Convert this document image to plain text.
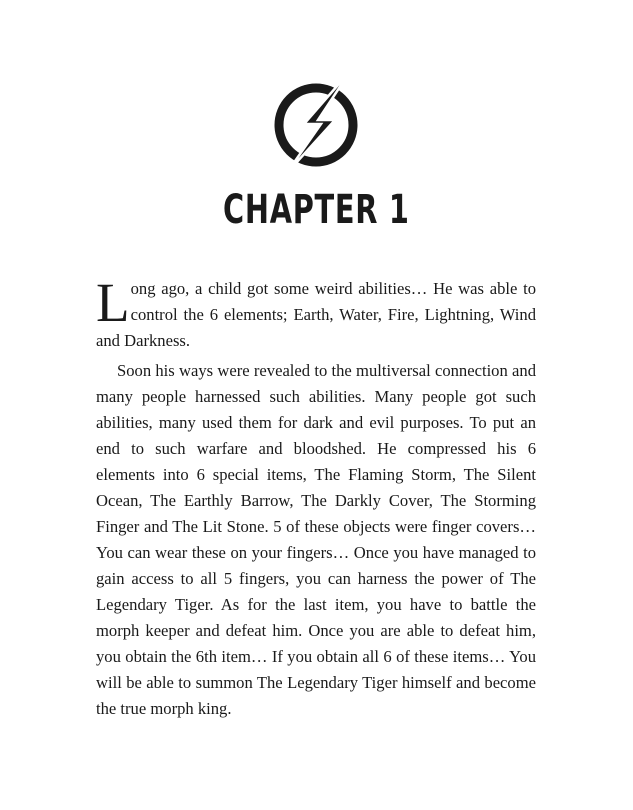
CHAPTER 1

Long ago, a child got some weird abilities… He was able to control the 6 elements; Earth, Water, Fire, Lightning, Wind and Darkness.

Soon his ways were revealed to the multiversal connection and many people harnessed such abilities. Many people got such abilities, many used them for dark and evil purposes. To put an end to such warfare and bloodshed. He compressed his 6 elements into 6 special items, The Flaming Storm, The Silent Ocean, The Earthly Barrow, The Darkly Cover, The Storming Finger and The Lit Stone. 5 of these objects were finger covers… You can wear these on your fingers… Once you have managed to gain access to all 5 fingers, you can harness the power of The Legendary Tiger. As for the last item, you have to battle the morph keeper and defeat him. Once you are able to defeat him, you obtain the 6th item… If you obtain all 6 of these items… You will be able to summon The Legendary Tiger himself and become the true morph king.
